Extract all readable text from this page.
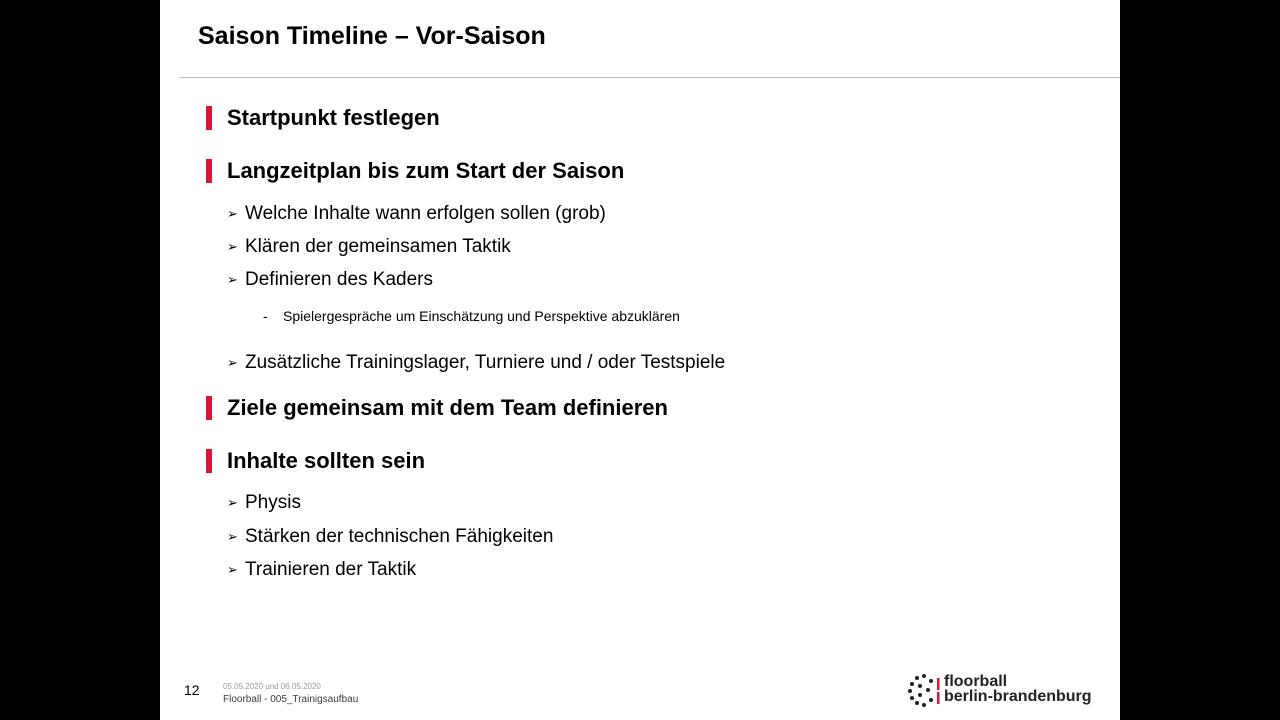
Saison Timeline – Vor-Saison
Startpunkt festlegen
Langzeitplan bis zum Start der Saison
➢ Welche Inhalte wann erfolgen sollen (grob)
➢ Klären der gemeinsamen Taktik
➢ Definieren des Kaders
-	Spielergespräche um Einschätzung und Perspektive abzuklären
➢ Zusätzliche Trainingslager, Turniere und / oder Testspiele
Ziele gemeinsam mit dem Team definieren
Inhalte sollten sein
➢ Physis
➢ Stärken der technischen Fähigkeiten
➢ Trainieren der Taktik
12	05.05.2020 und 06.05.2020
Floorball - 005_Trainigsaufbau
floorball
berlin-brandenburg
